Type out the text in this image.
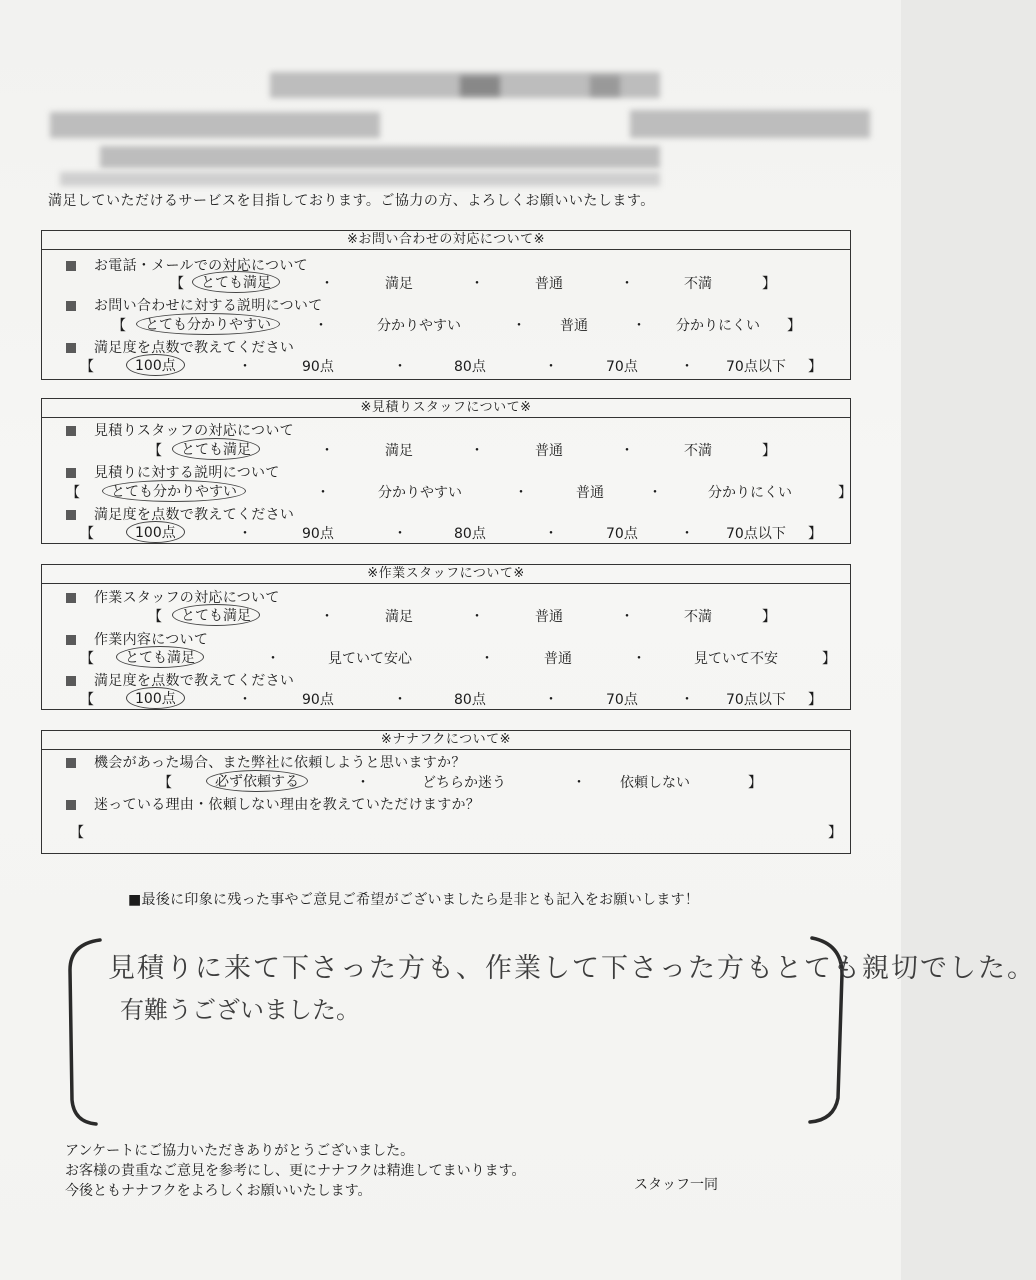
満足していただけるサービスを目指しております。ご協力の方、よろしくお願いいたします。
※お問い合わせの対応について※
※見積りスタッフについて※
※作業スタッフについて※
※ナナフクについて※
お電話・メールでの対応について
【	とても満足	・	満足	・	普通	・	不満	】
お問い合わせに対する説明について
【	とても分かりやすい	・	分かりやすい	・ 普通	・ 分かりにくい 】
満足度を点数で教えてください
【	100点	・	90点	・	80点	・	70点	・ 70点以下 】
見積りスタッフの対応について
【	とても満足	・	満足	・	普通	・	不満	】
見積りに対する説明について
【	とても分かりやすい	・	分かりやすい	・	普通	・	分かりにくい	】
満足度を点数で教えてください
【	100点	・	90点	・	80点	・	70点	・ 70点以下 】
作業スタッフの対応について
【	とても満足	・	満足	・	普通	・	不満	】
作業内容について
【	とても満足	・	見ていて安心	・	普通	・	見ていて不安	】
満足度を点数で教えてください
【	100点	・	90点	・	80点	・	70点	・ 70点以下 】
機会があった場合、また弊社に依頼しようと思いますか？
【	必ず依頼する	・	どちらか迷う	・ 依頼しない	】
迷っている理由・依頼しない理由を教えていただけますか？
【	】
■最後に印象に残った事やご意見ご希望がございましたら是非とも記入をお願いします！
見積りに来て下さった方も、作業して下さった方もとても親切でした。
有難うございました。
アンケートにご協力いただきありがとうございました。
お客様の貴重なご意見を参考にし、更にナナフクは精進してまいります。
今後ともナナフクをよろしくお願いいたします。	スタッフ一同
